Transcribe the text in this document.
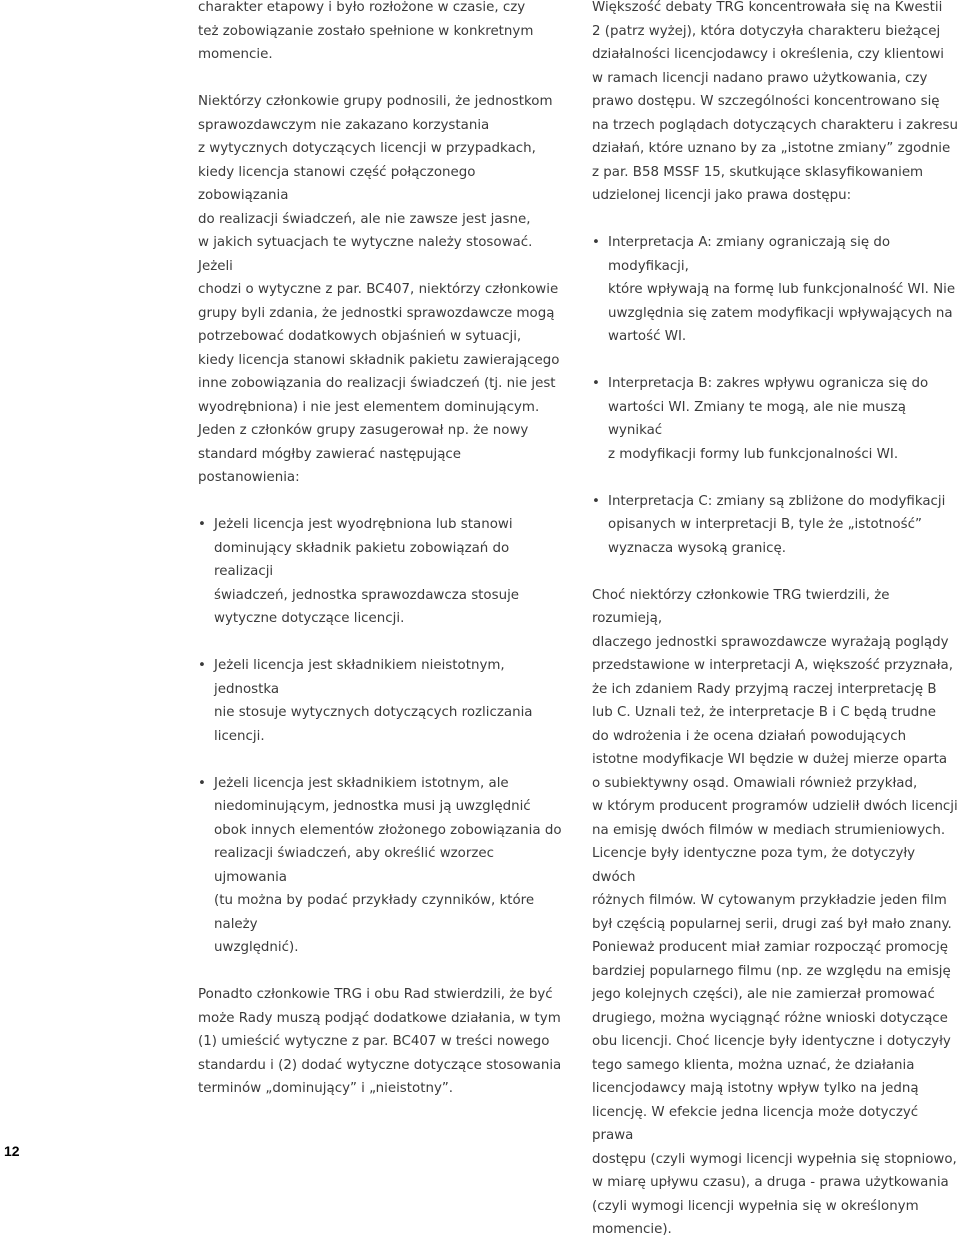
charakter etapowy i było rozłożone w czasie, czy
też zobowiązanie zostało spełnione w konkretnym
momencie.

Niektórzy członkowie grupy podnosili, że jednostkom
sprawozdawczym nie zakazano korzystania
z wytycznych dotyczących licencji w przypadkach,
kiedy licencja stanowi część połączonego zobowiązania
do realizacji świadczeń, ale nie zawsze jest jasne,
w jakich sytuacjach te wytyczne należy stosować. Jeżeli
chodzi o wytyczne z par. BC407, niektórzy członkowie
grupy byli zdania, że jednostki sprawozdawcze mogą
potrzebować dodatkowych objaśnień w sytuacji,
kiedy licencja stanowi składnik pakietu zawierającego
inne zobowiązania do realizacji świadczeń (tj. nie jest
wyodrębniona) i nie jest elementem dominującym.
Jeden z członków grupy zasugerował np. że nowy
standard mógłby zawierać następujące postanowienia:

• Jeżeli licencja jest wyodrębniona lub stanowi
dominujący składnik pakietu zobowiązań do realizacji
świadczeń, jednostka sprawozdawcza stosuje
wytyczne dotyczące licencji.
• Jeżeli licencja jest składnikiem nieistotnym, jednostka
nie stosuje wytycznych dotyczących rozliczania
licencji.
• Jeżeli licencja jest składnikiem istotnym, ale
niedominującym, jednostka musi ją uwzględnić
obok innych elementów złożonego zobowiązania do
realizacji świadczeń, aby określić wzorzec ujmowania
(tu można by podać przykłady czynników, które należy
uwzględnić).

Ponadto członkowie TRG i obu Rad stwierdzili, że być
może Rady muszą podjąć dodatkowe działania, w tym
(1) umieścić wytyczne z par. BC407 w treści nowego
standardu i (2) dodać wytyczne dotyczące stosowania
terminów „dominujący” i „nieistotny”.

Większość debaty TRG koncentrowała się na Kwestii
2 (patrz wyżej), która dotyczyła charakteru bieżącej
działalności licencjodawcy i określenia, czy klientowi
w ramach licencji nadano prawo użytkowania, czy
prawo dostępu. W szczególności koncentrowano się
na trzech poglądach dotyczących charakteru i zakresu
działań, które uznano by za „istotne zmiany” zgodnie
z par. B58 MSSF 15, skutkujące sklasyfikowaniem
udzielonej licencji jako prawa dostępu:

• Interpretacja A: zmiany ograniczają się do modyfikacji,
które wpływają na formę lub funkcjonalność WI. Nie
uwzględnia się zatem modyfikacji wpływających na
wartość WI.
• Interpretacja B: zakres wpływu ogranicza się do
wartości WI. Zmiany te mogą, ale nie muszą wynikać
z modyfikacji formy lub funkcjonalności WI.
• Interpretacja C: zmiany są zbliżone do modyfikacji
opisanych w interpretacji B, tyle że „istotność”
wyznacza wysoką granicę.

Choć niektórzy członkowie TRG twierdzili, że rozumieją,
dlaczego jednostki sprawozdawcze wyrażają poglądy
przedstawione w interpretacji A, większość przyznała,
że ich zdaniem Rady przyjmą raczej interpretację B
lub C. Uznali też, że interpretacje B i C będą trudne
do wdrożenia i że ocena działań powodujących
istotne modyfikacje WI będzie w dużej mierze oparta
o subiektywny osąd. Omawiali również przykład,
w którym producent programów udzielił dwóch licencji
na emisję dwóch filmów w mediach strumieniowych.
Licencje były identyczne poza tym, że dotyczyły dwóch
różnych filmów. W cytowanym przykładzie jeden film
był częścią popularnej serii, drugi zaś był mało znany.
Ponieważ producent miał zamiar rozpocząć promocję
bardziej popularnego filmu (np. ze względu na emisję
jego kolejnych części), ale nie zamierzał promować
drugiego, można wyciągnąć różne wnioski dotyczące
obu licencji. Choć licencje były identyczne i dotyczyły
tego samego klienta, można uznać, że działania
licencjodawcy mają istotny wpływ tylko na jedną
licencję. W efekcie jedna licencja może dotyczyć prawa
dostępu (czyli wymogi licencji wypełnia się stopniowo,
w miarę upływu czasu), a druga - prawa użytkowania
(czyli wymogi licencji wypełnia się w określonym
momencie).

12
